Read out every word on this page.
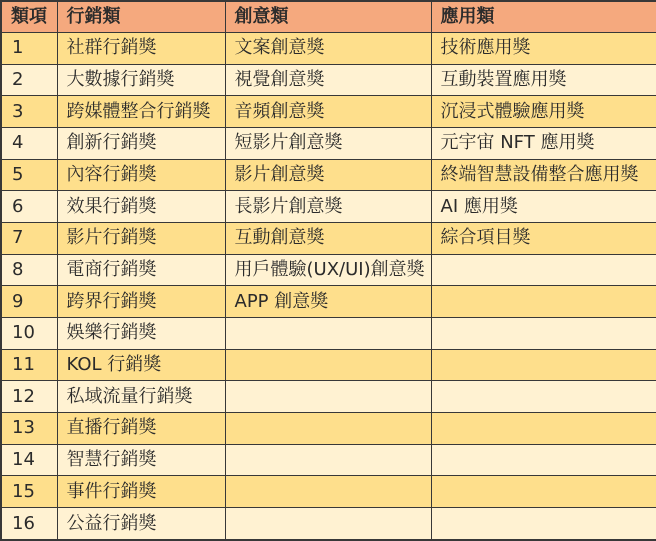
類項	行銷類	創意類	應用類
1	社群行銷獎	文案創意獎	技術應用獎
2	大數據行銷獎	視覺創意獎	互動裝置應用獎
3	跨媒體整合行銷獎	音頻創意獎	沉浸式體驗應用獎
4	創新行銷獎	短影片創意獎	元宇宙 NFT 應用獎
5	內容行銷獎	影片創意獎	終端智慧設備整合應用獎
6	效果行銷獎	長影片創意獎	AI 應用獎
7	影片行銷獎	互動創意獎	綜合項目獎
8	電商行銷獎	用戶體驗(UX/UI)創意獎	
9	跨界行銷獎	APP 創意獎	
10	娛樂行銷獎		
11	KOL 行銷獎		
12	私域流量行銷獎		
13	直播行銷獎		
14	智慧行銷獎		
15	事件行銷獎		
16	公益行銷獎		
